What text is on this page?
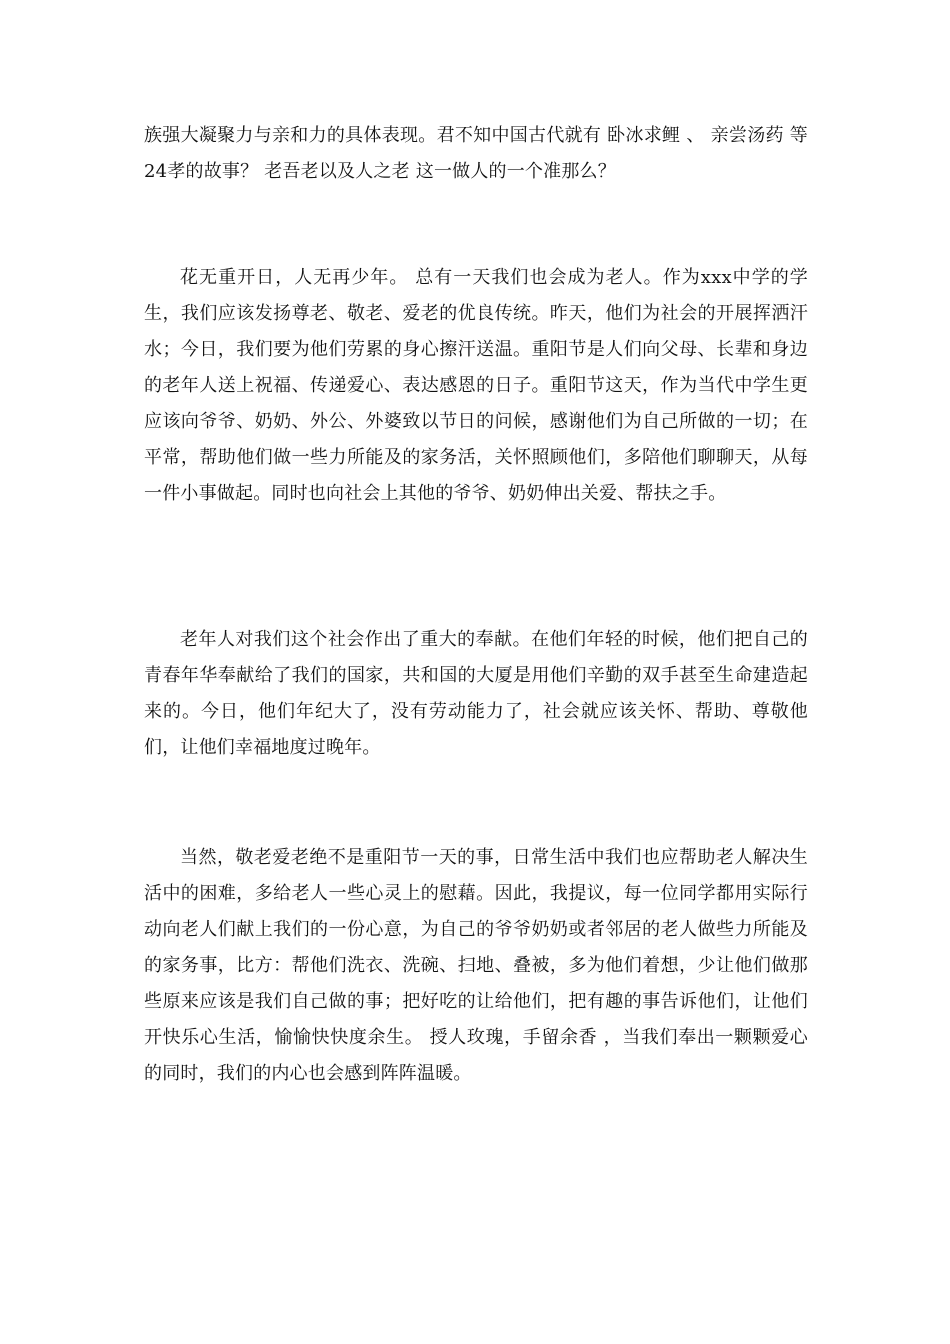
族强大凝聚力与亲和力的具体表现。君不知中国古代就有 卧冰求鲤 、 亲尝汤药 等24孝的故事？ 老吾老以及人之老 这一做人的一个准那么？

花无重开日，人无再少年。 总有一天我们也会成为老人。作为xxx中学的学生，我们应该发扬尊老、敬老、爱老的优良传统。昨天，他们为社会的开展挥洒汗水；今日，我们要为他们劳累的身心擦汗送温。重阳节是人们向父母、长辈和身边的老年人送上祝福、传递爱心、表达感恩的日子。重阳节这天，作为当代中学生更应该向爷爷、奶奶、外公、外婆致以节日的问候，感谢他们为自己所做的一切；在平常，帮助他们做一些力所能及的家务活，关怀照顾他们，多陪他们聊聊天，从每一件小事做起。同时也向社会上其他的爷爷、奶奶伸出关爱、帮扶之手。

老年人对我们这个社会作出了重大的奉献。在他们年轻的时候，他们把自己的青春年华奉献给了我们的国家，共和国的大厦是用他们辛勤的双手甚至生命建造起来的。今日，他们年纪大了，没有劳动能力了，社会就应该关怀、帮助、尊敬他们，让他们幸福地度过晚年。

当然，敬老爱老绝不是重阳节一天的事，日常生活中我们也应帮助老人解决生活中的困难，多给老人一些心灵上的慰藉。因此，我提议，每一位同学都用实际行动向老人们献上我们的一份心意，为自己的爷爷奶奶或者邻居的老人做些力所能及的家务事，比方：帮他们洗衣、洗碗、扫地、叠被，多为他们着想，少让他们做那些原来应该是我们自己做的事；把好吃的让给他们，把有趣的事告诉他们，让他们开快乐心生活，愉愉快快度余生。 授人玫瑰，手留余香 ，当我们奉出一颗颗爱心的同时，我们的内心也会感到阵阵温暖。
